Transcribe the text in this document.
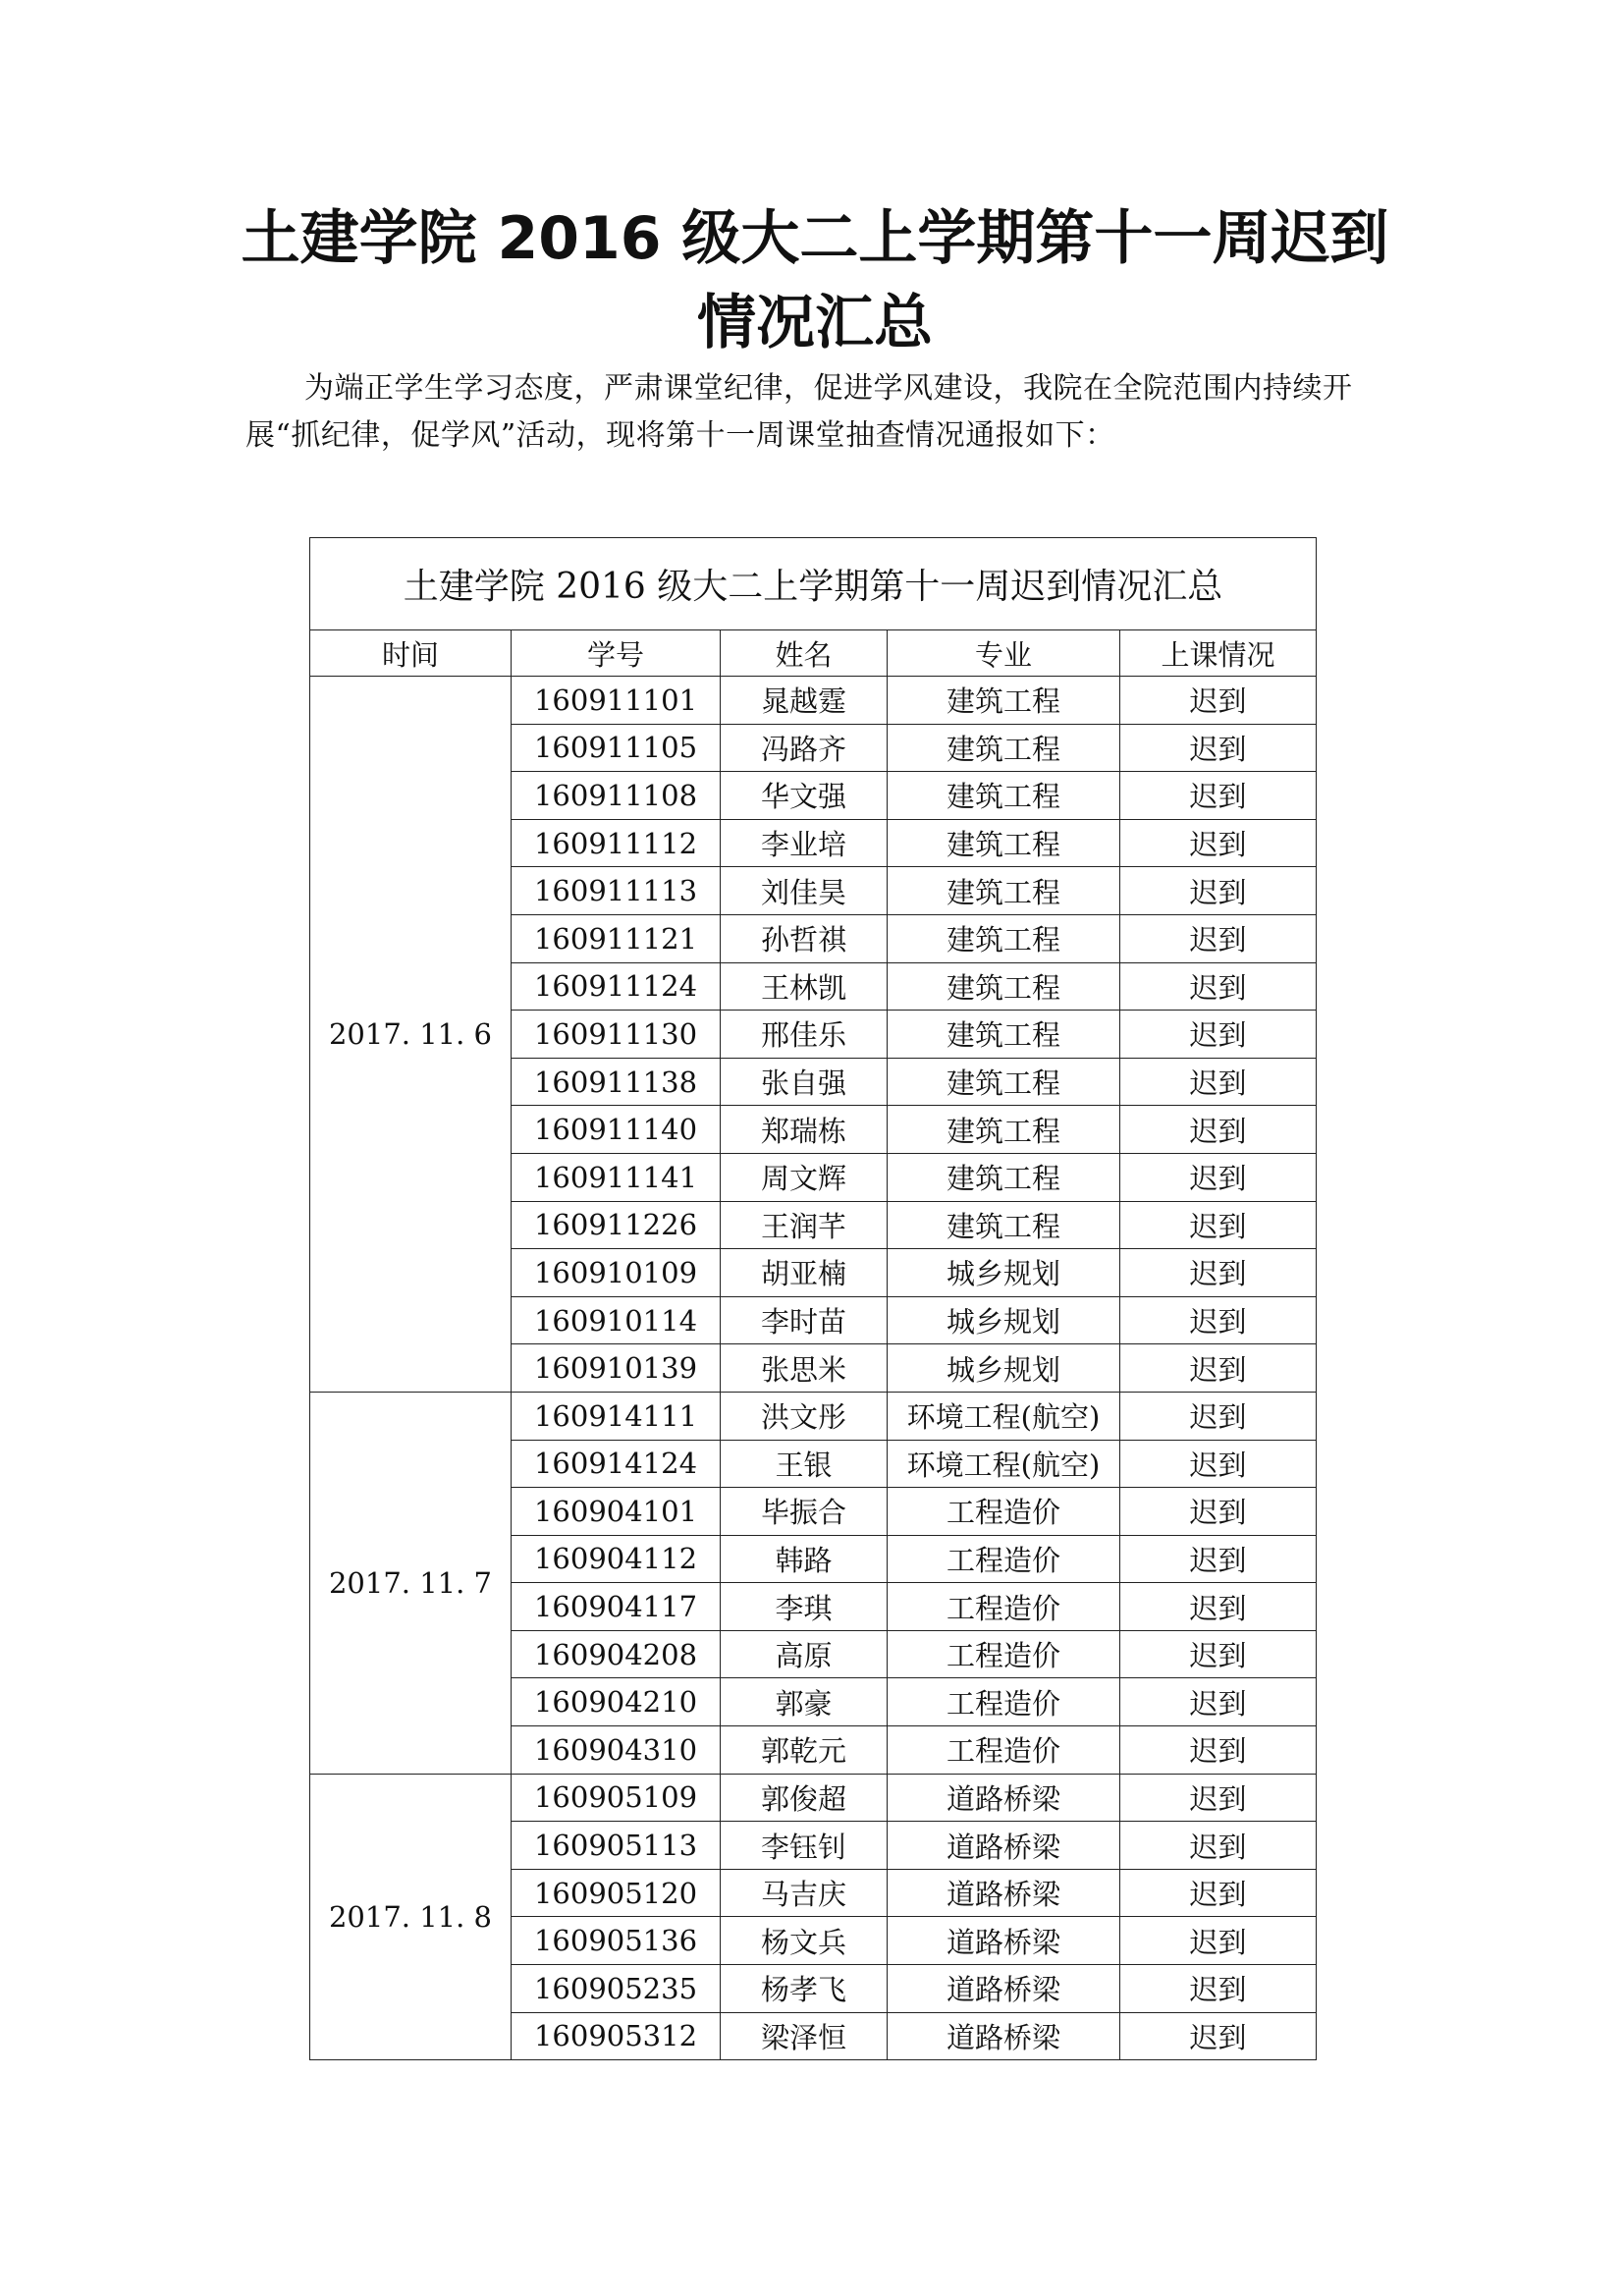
土建学院 2016 级大二上学期第十一周迟到
情况汇总

为端正学生学习态度，严肃课堂纪律，促进学风建设，我院在全院范围内持续开展“抓纪律，促学风”活动，现将第十一周课堂抽查情况通报如下：

土建学院 2016 级大二上学期第十一周迟到情况汇总				
时间	学号	姓名	专业	上课情况
2017. 11. 6	160911101	晁越霆	建筑工程	迟到
	160911105	冯路齐	建筑工程	迟到
	160911108	华文强	建筑工程	迟到
	160911112	李业培	建筑工程	迟到
	160911113	刘佳昊	建筑工程	迟到
	160911121	孙哲祺	建筑工程	迟到
	160911124	王林凯	建筑工程	迟到
	160911130	邢佳乐	建筑工程	迟到
	160911138	张自强	建筑工程	迟到
	160911140	郑瑞栋	建筑工程	迟到
	160911141	周文辉	建筑工程	迟到
	160911226	王润芊	建筑工程	迟到
	160910109	胡亚楠	城乡规划	迟到
	160910114	李时苗	城乡规划	迟到
	160910139	张思米	城乡规划	迟到
2017. 11. 7	160914111	洪文彤	环境工程(航空)	迟到
	160914124	王银	环境工程(航空)	迟到
	160904101	毕振合	工程造价	迟到
	160904112	韩路	工程造价	迟到
	160904117	李琪	工程造价	迟到
	160904208	高原	工程造价	迟到
	160904210	郭豪	工程造价	迟到
	160904310	郭乾元	工程造价	迟到
2017. 11. 8	160905109	郭俊超	道路桥梁	迟到
	160905113	李钰钊	道路桥梁	迟到
	160905120	马吉庆	道路桥梁	迟到
	160905136	杨文兵	道路桥梁	迟到
	160905235	杨孝飞	道路桥梁	迟到
	160905312	梁泽恒	道路桥梁	迟到
